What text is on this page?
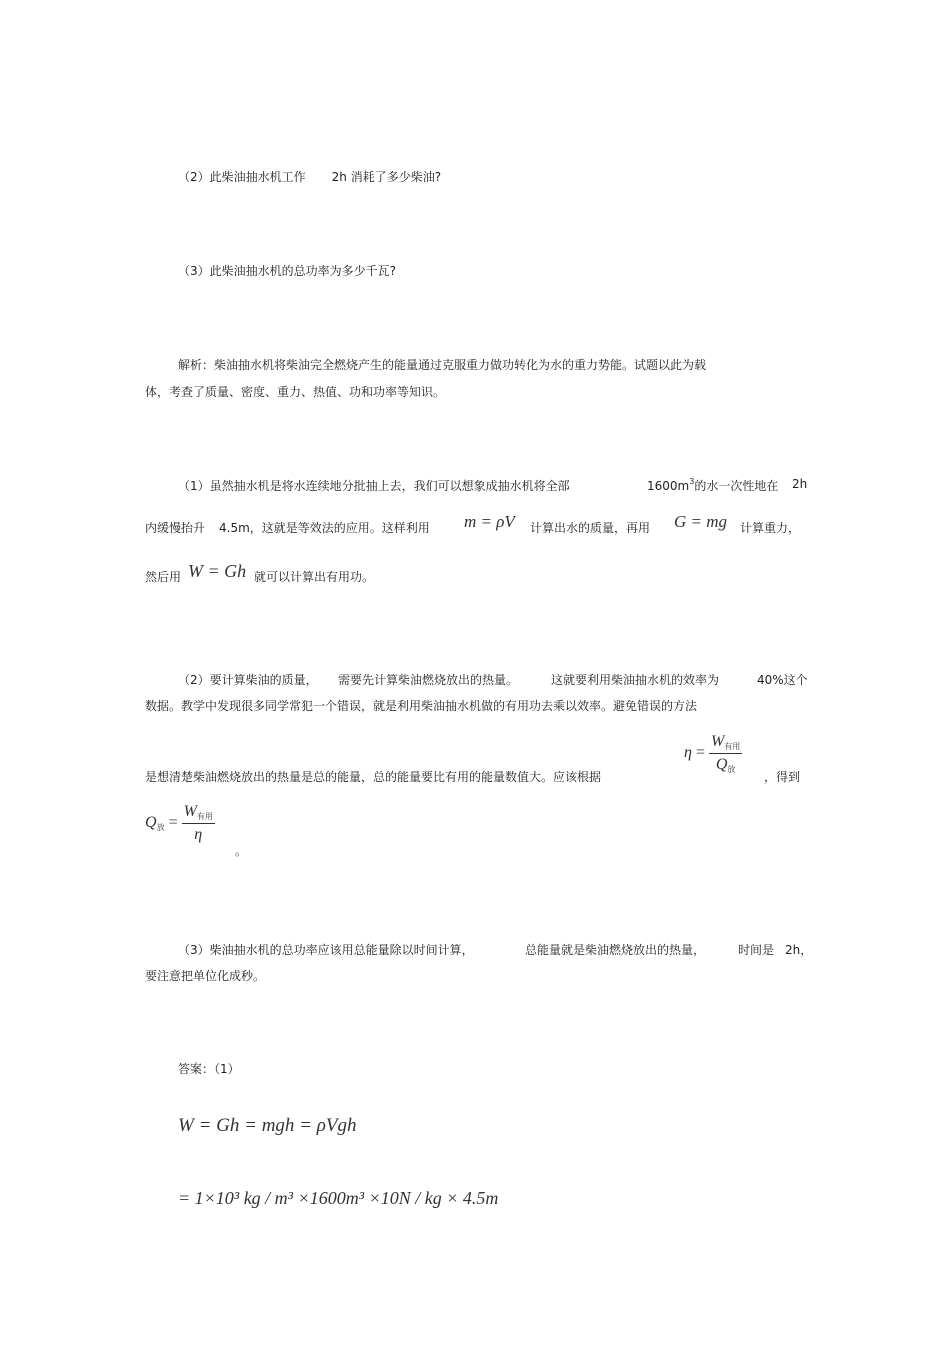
（2）此柴油抽水机工作 2h 消耗了多少柴油?
（3）此柴油抽水机的总功率为多少千瓦?
解析：柴油抽水机将柴油完全燃烧产生的能量通过克服重力做功转化为水的重力势能。试题以此为载
体，考查了质量、密度、重力、热值、功和功率等知识。
（1）虽然抽水机是将水连续地分批抽上去，我们可以想象成抽水机将全部	$1600m^3$的水一次性地在 2h
内缓慢抬升 4.5m，这就是等效法的应用。这样利用 m = ρV 计算出水的质量，再用 G = mg 计算重力，
然后用 W = Gh 就可以计算出有用功。
（2）要计算柴油的质量， 需要先计算柴油燃烧放出的热量。	这就要利用柴油抽水机的效率为	40%这个
数据。教学中发现很多同学常犯一个错误，就是利用柴油抽水机做的有用功去乘以效率。避免错误的方法
是想清楚柴油燃烧放出的热量是总的能量，总的能量要比有用的能量数值大。应该根据
$\eta = \frac{\text{W有用}}{\text{Q放}}$
，得到
Q放 = $\frac{\text{W有用}}{\eta}$
。
（3）柴油抽水机的总功率应该用总能量除以时间计算，	总能量就是柴油燃烧放出的热量，	时间是 2h，
要注意把单位化成秒。
答案：（1）
W = Gh = mgh = ρVgh
= 1×10³ kg / m³ ×1600m³ ×10N / kg × 4.5m
